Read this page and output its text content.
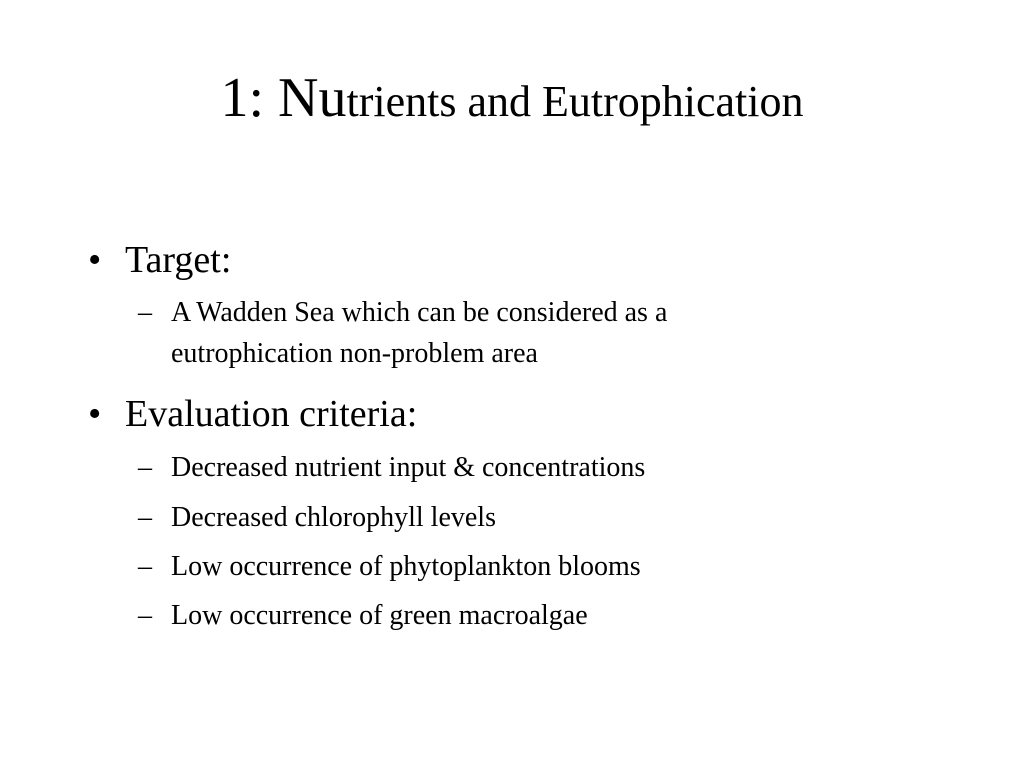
1: Nutrients and Eutrophication
• Target:
– A Wadden Sea which can be considered as a eutrophication non-problem area
• Evaluation criteria:
– Decreased nutrient input & concentrations
– Decreased chlorophyll levels
– Low occurrence of phytoplankton blooms
– Low occurrence of green macroalgae
